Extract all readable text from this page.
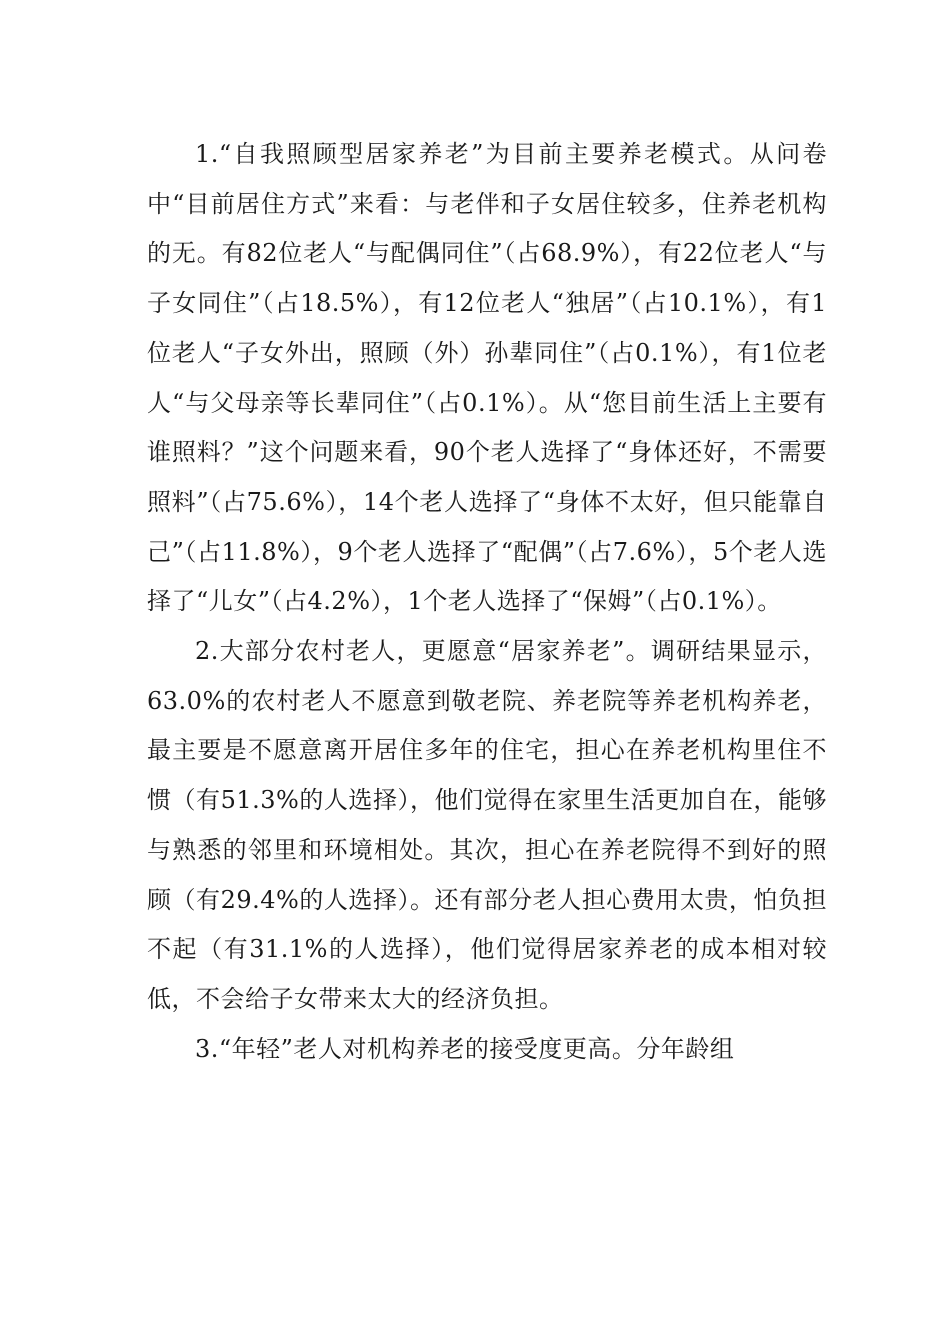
1.“自我照顾型居家养老”为目前主要养老模式。从问卷中“目前居住方式”来看：与老伴和子女居住较多，住养老机构的无。有82位老人“与配偶同住”（占68.9%），有22位老人“与子女同住”（占18.5%），有12位老人“独居”（占10.1%），有1位老人“子女外出，照顾（外）孙辈同住”（占0.1%），有1位老人“与父母亲等长辈同住”（占0.1%）。从“您目前生活上主要有谁照料？”这个问题来看，90个老人选择了“身体还好，不需要照料”（占75.6%），14个老人选择了“身体不太好，但只能靠自己”（占11.8%），9个老人选择了“配偶”（占7.6%），5个老人选择了“儿女”（占4.2%），1个老人选择了“保姆”（占0.1%）。

2.大部分农村老人，更愿意“居家养老”。调研结果显示，63.0%的农村老人不愿意到敬老院、养老院等养老机构养老，最主要是不愿意离开居住多年的住宅，担心在养老机构里住不惯（有51.3%的人选择），他们觉得在家里生活更加自在，能够与熟悉的邻里和环境相处。其次，担心在养老院得不到好的照顾（有29.4%的人选择）。还有部分老人担心费用太贵，怕负担不起（有31.1%的人选择），他们觉得居家养老的成本相对较低，不会给子女带来太大的经济负担。

3.“年轻”老人对机构养老的接受度更高。分年龄组
